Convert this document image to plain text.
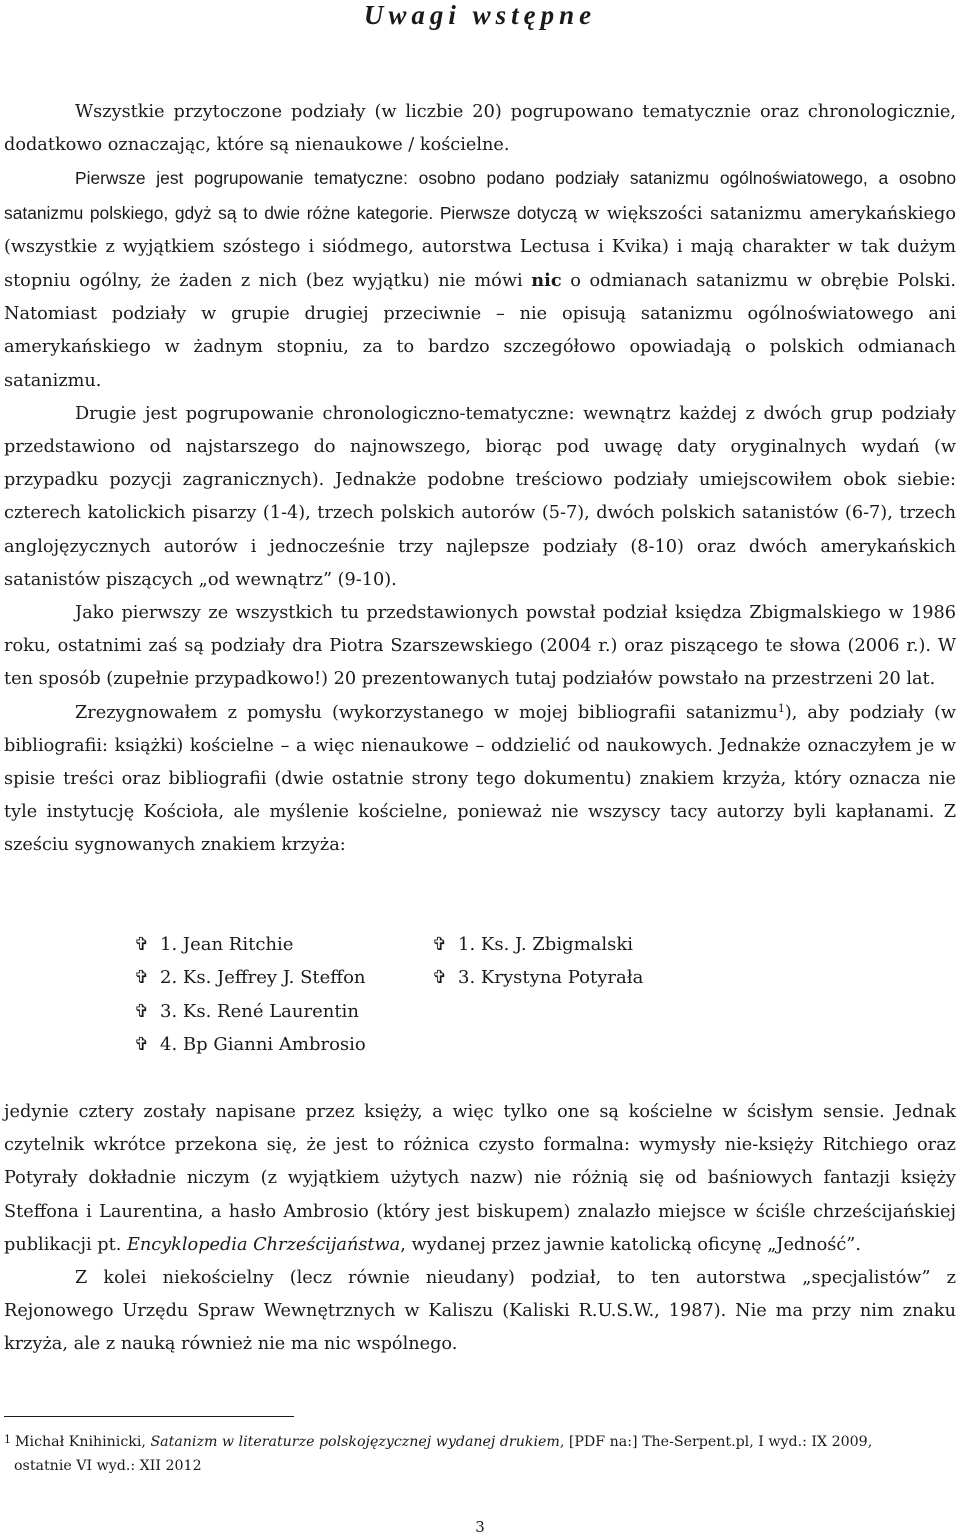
Uwagi wstępne

Wszystkie przytoczone podziały (w liczbie 20) pogrupowano tematycznie oraz chronologicznie, dodatkowo oznaczając, które są nienaukowe / kościelne.

Pierwsze jest pogrupowanie tematyczne: osobno podano podziały satanizmu ogólnoświatowego, a osobno satanizmu polskiego, gdyż są to dwie różne kategorie. Pierwsze dotyczą w większości satanizmu amerykańskiego (wszystkie z wyjątkiem szóstego i siódmego, autorstwa Lectusa i Kvika) i mają charakter w tak dużym stopniu ogólny, że żaden z nich (bez wyjątku) nie mówi nic o odmianach satanizmu w obrębie Polski. Natomiast podziały w grupie drugiej przeciwnie – nie opisują satanizmu ogólnoświatowego ani amerykańskiego w żadnym stopniu, za to bardzo szczegółowo opowiadają o polskich odmianach satanizmu.

Drugie jest pogrupowanie chronologiczno-tematyczne: wewnątrz każdej z dwóch grup podziały przedstawiono od najstarszego do najnowszego, biorąc pod uwagę daty oryginalnych wydań (w przypadku pozycji zagranicznych). Jednakże podobne treściowo podziały umiejscowiłem obok siebie: czterech katolickich pisarzy (1-4), trzech polskich autorów (5-7), dwóch polskich satanistów (6-7), trzech anglojęzycznych autorów i jednocześnie trzy najlepsze podziały (8-10) oraz dwóch amerykańskich satanistów piszących „od wewnątrz” (9-10).

Jako pierwszy ze wszystkich tu przedstawionych powstał podział księdza Zbigmalskiego w 1986 roku, ostatnimi zaś są podziały dra Piotra Szarszewskiego (2004 r.) oraz piszącego te słowa (2006 r.). W ten sposób (zupełnie przypadkowo!) 20 prezentowanych tutaj podziałów powstało na przestrzeni 20 lat.

Zrezygnowałem z pomysłu (wykorzystanego w mojej bibliografii satanizmu$^1$), aby podziały (w bibliografii: książki) kościelne – a więc nienaukowe – oddzielić od naukowych. Jednakże oznaczyłem je w spisie treści oraz bibliografii (dwie ostatnie strony tego dokumentu) znakiem krzyża, który oznacza nie tyle instytucję Kościoła, ale myślenie kościelne, ponieważ nie wszyscy tacy autorzy byli kapłanami. Z sześciu sygnowanych znakiem krzyża:

✞ 1. Jean Ritchie
✞ 2. Ks. Jeffrey J. Steffon
✞ 3. Ks. René Laurentin
✞ 4. Bp Gianni Ambrosio
✞ 1. Ks. J. Zbigmalski
✞ 3. Krystyna Potyrała

jedynie cztery zostały napisane przez księży, a więc tylko one są kościelne w ścisłym sensie. Jednak czytelnik wkrótce przekona się, że jest to różnica czysto formalna: wymysły nie-księży Ritchiego oraz Potyrały dokładnie niczym (z wyjątkiem użytych nazw) nie różnią się od baśniowych fantazji księży Steffona i Laurentina, a hasło Ambrosio (który jest biskupem) znalazło miejsce w ściśle chrześcijańskiej publikacji pt. Encyklopedia Chrześcijaństwa, wydanej przez jawnie katolicką oficynę „Jedność”.

Z kolei niekościelny (lecz równie nieudany) podział, to ten autorstwa „specjalistów” z Rejonowego Urzędu Spraw Wewnętrznych w Kaliszu (Kaliski R.U.S.W., 1987). Nie ma przy nim znaku krzyża, ale z nauką również nie ma nic wspólnego.

$^1$ Michał Knihinicki, Satanizm w literaturze polskojęzycznej wydanej drukiem, [PDF na:] The-Serpent.pl, I wyd.: IX 2009,
ostatnie VI wyd.: XII 2012
3
